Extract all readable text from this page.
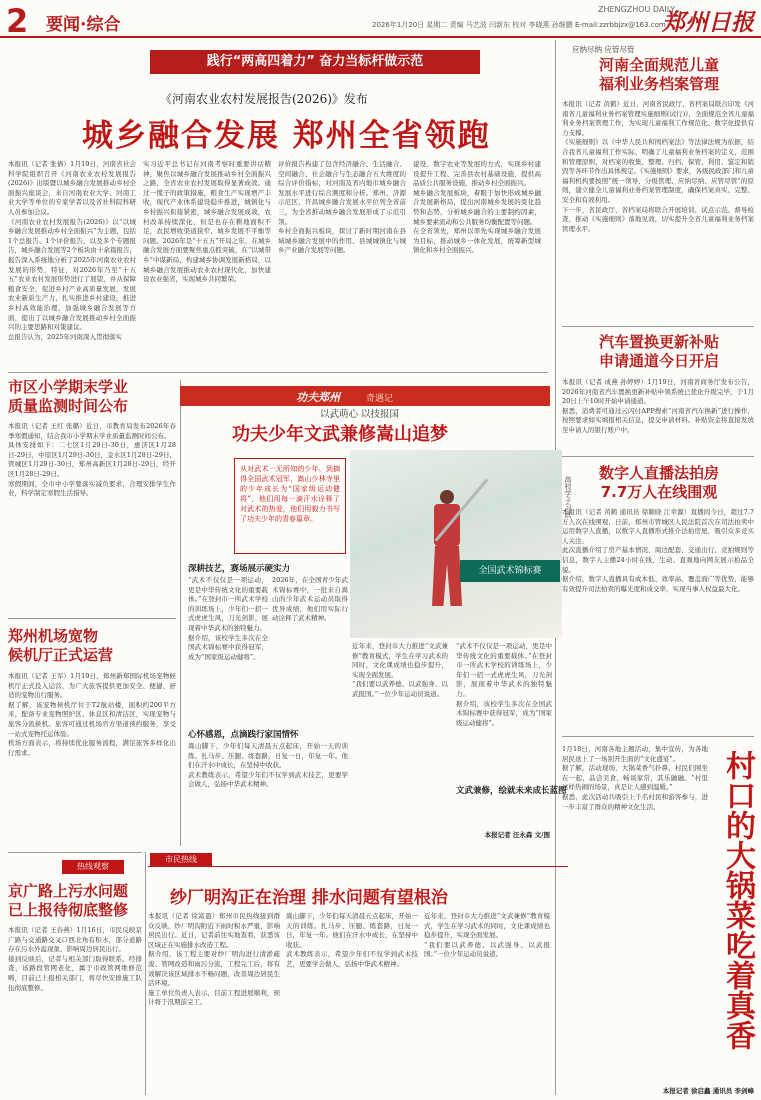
2 要闻·综合	2026年1月20日 星期二 责编 马艺波 闫新东 校对 李晓燕 孙继鹏 E-mail:zzrbbjzx@163.com
ZHENGZHOU DAILY
郑州日报
践行“两高四着力” 奋力当标杆做示范
《河南农业农村发展报告(2026)》发布
城乡融合发展 郑州全省领跑
本报讯（记者 张倩）1月19日，河南省社会科学院组织召开《河南农业农村发展报告(2026)》出版暨以城乡融合发展推动乡村全面振兴座谈会，来自河南农业大学、河南工业大学等单位的专家学者以及省社科院科研人员参加会议。
《河南农业农村发展报告(2026)》以“以城乡融合发展推动乡村全面振兴”为主题，包括1个总报告、1个评价报告，以及多个专题报告，城乡融合发展等2个板块由十余篇报告，报告深入系统地分析了2025年河南农业农村发展的形势，特征，对2026年乃至“十五五”农业农村发展形势进行了展望，并从保障粮食安全，促进乡村产业高质量发展，发展农业新质生产力，扎实推进乡村建设，推进乡村高效能治理，加强城乡融合发展等方面，提出了以城乡融合发展推动乡村全面振兴的主要思路和对策建议。
总报告认为，2025年河南深入贯彻落实
实习近平总书记在河南考察时重要讲话精神，聚焦以城乡融合发展推动乡村全面振兴之路，全省农业农村发展取得显著成效。通过一揽子的政策措施，粮食生产实现增产丰收，现代产业体系建设稳步推进，城镇化与乡村振兴衔接紧密，城乡融合发展成效，农村改革持续深化，但是也存在耕地面积不足，农民增收渠道狭窄，城乡发展不平衡等问题。2026年是“十五五”开局之年，在城乡融合发展方面要聚焦重点抓突破，在“以城带乡”中谋新局，构建城乡协调发展新格局，以城乡融合发展推动农业农村现代化，加快建设农业强省，实现城乡共同繁荣。
评价报告构建了包含经济融合、生活融合、空间融合、社会融合与生态融合五大维度的综合评价指标，对河南及省内地市城乡融合发展水平进行综合测度和分析。郑州、济源示范区、许昌城乡融合发展水平位列全省前三，为全省推动城乡融合发展形成了示范引领。
乡村全面振兴板块，探讨了新时期河南在县域城乡融合发展中的作用、县城城镇化与城乡产业融合发展等问题。
建设、数字农业等发展的方式，实现乡村建设提升工程、完善县农村基础设施，提供高品质公共服务设施，推动乡村全面振兴。
城乡融合发展板块，着眼于加快形成城乡融合发展新格局，提出河南城乡发展的变化趋势和态势，分析城乡融合的主要制约因素，城乡要素流动和公共服务均衡配置等问题。
在全省领先，郑州以率先实现城乡融合发展为目标，推动城乡一体化发展，统筹新型城镇化和乡村全面振兴。
应纳尽纳 应管尽管
河南全面规范儿童
福利业务档案管理
本报讯（记者 黄鹤）近日，河南省民政厅、省档案局联合印发《河南省儿童福利业务档案管理实施细则(试行)》，全面规范全省儿童福利业务档案管理工作，为实现儿童福利工作规范化、数字化提供有力支撑。
《实施细则》以《中华人民共和国档案法》等法律法规为依据，结合我省儿童福利工作实际，明确了儿童福利业务档案的定义、范围和管理原则，对档案的收集、整理、归档、保管、利用、鉴定和销毁等各环节作出具体规定。《实施细则》要求，各级民政部门和儿童福利机构要按照“统一领导、分级管理、应纳尽纳、应管尽管”的原则，建立健全儿童福利业务档案管理制度，确保档案真实、完整、安全和有效利用。
下一步，省民政厅、省档案局将联合开展培训、试点示范、督导检查，推动《实施细则》落地见效，切实提升全省儿童福利业务档案管理水平。
汽车置换更新补贴
申请通道今日开启
本报讯（记者 成燕 孙婷婷）1月19日，河南省商务厅发布公告，2026年河南省汽车置换更新补贴申领系统已优化升级完毕，于1月20日上午10时开始申请通道。
据悉，消费者可通过云闪付APP搜索“河南省汽车换新”进行操作，按照要求如实填报相关信息，提交申请材料。补贴资金将直接发放至申请人的银行账户中。
数字人直播法拍房
7.7万人在线围观
本报讯（记者 黄鹤 通讯员 徐颖晓 江幸源）直播间今日，超过7.7万人次在线围观，日前，郑州市管城区人民法院首次在司法拍卖中运用数字人直播，以数字人直播形式推介法拍房屋，吸引众多竞买人关注。
此次直播介绍了房产基本情况、周边配套、交通出行、竞拍规则等信息，数字人主播24小时在线，生动、直观地向网友展示拍品全貌。
据介绍，数字人直播具有成本低、效率高、覆盖面广等优势，能够有效提升司法拍卖的曝光度和成交率，实现当事人权益最大化。
1月18日，河南各地主题活动，集中宣传，为各地居民送上了一场别开生面的“文化盛宴”。
据了解，活动现场，大锅菜香气扑鼻，村民们围坐在一起，品尝美食，畅谈家常，其乐融融。“村里这样热闹的场景，真是让人感到温暖。”
据悉，此次活动共吸引上千名村民和游客参与，进一步丰富了群众的精神文化生活。	村口的大锅菜吃着真香
本报记者 徐启鑫 通讯员 李剑峰
市区小学期末学业
质量监测时间公布
本报讯（记者 王红 张璐）近日，市教育局发布2026年春季寒假通知，结合我市小学期末学业质量监测时间公布。
具体安排如下：二七区1月29日-30日，惠济区1月28日-29日，中原区1月29日-30日，金水区1月28日-29日，管城区1月29日-30日，郑州高新区1月28日-29日，经开区1月28日-29日。
寒假期间，全市中小学要落实减负要求，合理安排学生作业，科学制定寒假生活指导。
郑州机场宽物
候机厅正式运营
本报讯（记者 王军）1月19日，郑州新郑国际机场宠物候机厅正式投入运营，为广大旅客提供更加安全、便捷、舒适的宠物出行服务。
据了解，该宠物候机厅位于T2航站楼，面积约200平方米，配备专业宠物照护区、休息区和清洁区，实现宠物与旅客分流候机。旅客可通过机场官方渠道预约服务，享受一站式宠物托运体验。
机场方面表示，将持续优化服务流程，满足旅客多样化出行需求。
功夫郑州	奇遇记
以武萌心 以技报国
功夫少年文武兼修嵩山追梦
从对武术一无所知的少年，到摘得全国武术冠军，嵩山少林寺里的少年成长为“国家级运动健将”，他们用每一滴汗水诠释了对武术的热爱，他们用毅力书写了功夫少年的青春篇章。
全国武术锦标赛
高校学子习武
深耕技艺，赛场展示硬实力
“武术不仅仅是一项运动，更是中华传统文化的重要载体。”在登封市一所武术学校的训练场上，少年们一招一式虎虎生风，刀光剑影，展现着中华武术的独特魅力。
据介绍，该校学生多次在全国武术锦标赛中获得冠军，成为“国家级运动健将”。
2026年，在全国青少年武术锦标赛中，一批来自嵩山的少年武术运动员取得优异成绩，他们用实际行动诠释了武术精神。
心怀感恩，点滴践行家国情怀
嵩山脚下，少年们每天清晨五点起床，开始一天的训练。扎马步、压腿、练套路，日复一日，年复一年。他们在汗水中成长，在坚持中收获。
武术教练表示，希望少年们不仅学到武术技艺，更要学会做人，弘扬中华武术精神。
近年来，登封市大力推进“文武兼修”教育模式，学生在学习武术的同时，文化课成绩也稳步提升，实现全面发展。
“我们要以武养德、以武强身、以武报国。”一位少年运动员说道。
文武兼修，绘就未来成长蓝图
“武术不仅仅是一项运动，更是中华传统文化的重要载体。”在登封市一所武术学校的训练场上，少年们一招一式虎虎生风，刀光剑影，展现着中华武术的独特魅力。
据介绍，该校学生多次在全国武术锦标赛中获得冠军，成为“国家级运动健将”。
本报记者 汪永森 文/图
市民热线
纱厂明沟正在治理 排水问题有望根治
本报讯（记者 徐富盈）郑州市民热线接到群众反映，纱厂明沟附近下雨时积水严重，影响居民出行。近日，记者前往实地查看，获悉该区域正在实施排水改造工程。
据介绍，该工程主要对纱厂明沟进行清淤疏浚、管网改造和雨污分流，工程完工后，将有效解决该区域排水不畅问题，改善周边居民生活环境。
施工单位负责人表示，目前工程进展顺利，预计将于汛期前完工。
嵩山脚下，少年们每天清晨五点起床，开始一天的训练。扎马步、压腿、练套路，日复一日，年复一年。他们在汗水中成长，在坚持中收获。
武术教练表示，希望少年们不仅学到武术技艺，更要学会做人，弘扬中华武术精神。
近年来，登封市大力推进“文武兼修”教育模式，学生在学习武术的同时，文化课成绩也稳步提升，实现全面发展。
“我们要以武养德、以武强身、以武报国。”一位少年运动员说道。
热线观察
京广路上污水问题
已上报待彻底整修
本报讯（记者 王春燕）1月16日，市民反映京广路与交通路交叉口西北角有积水，部分道路存在污水外溢现象，影响周边居民出行。
接到反映后，记者与相关部门取得联系。经排查，该路段管网老化，属于市政管网维修范畴，目前已上报相关部门，将尽快安排施工队伍彻底整修。
